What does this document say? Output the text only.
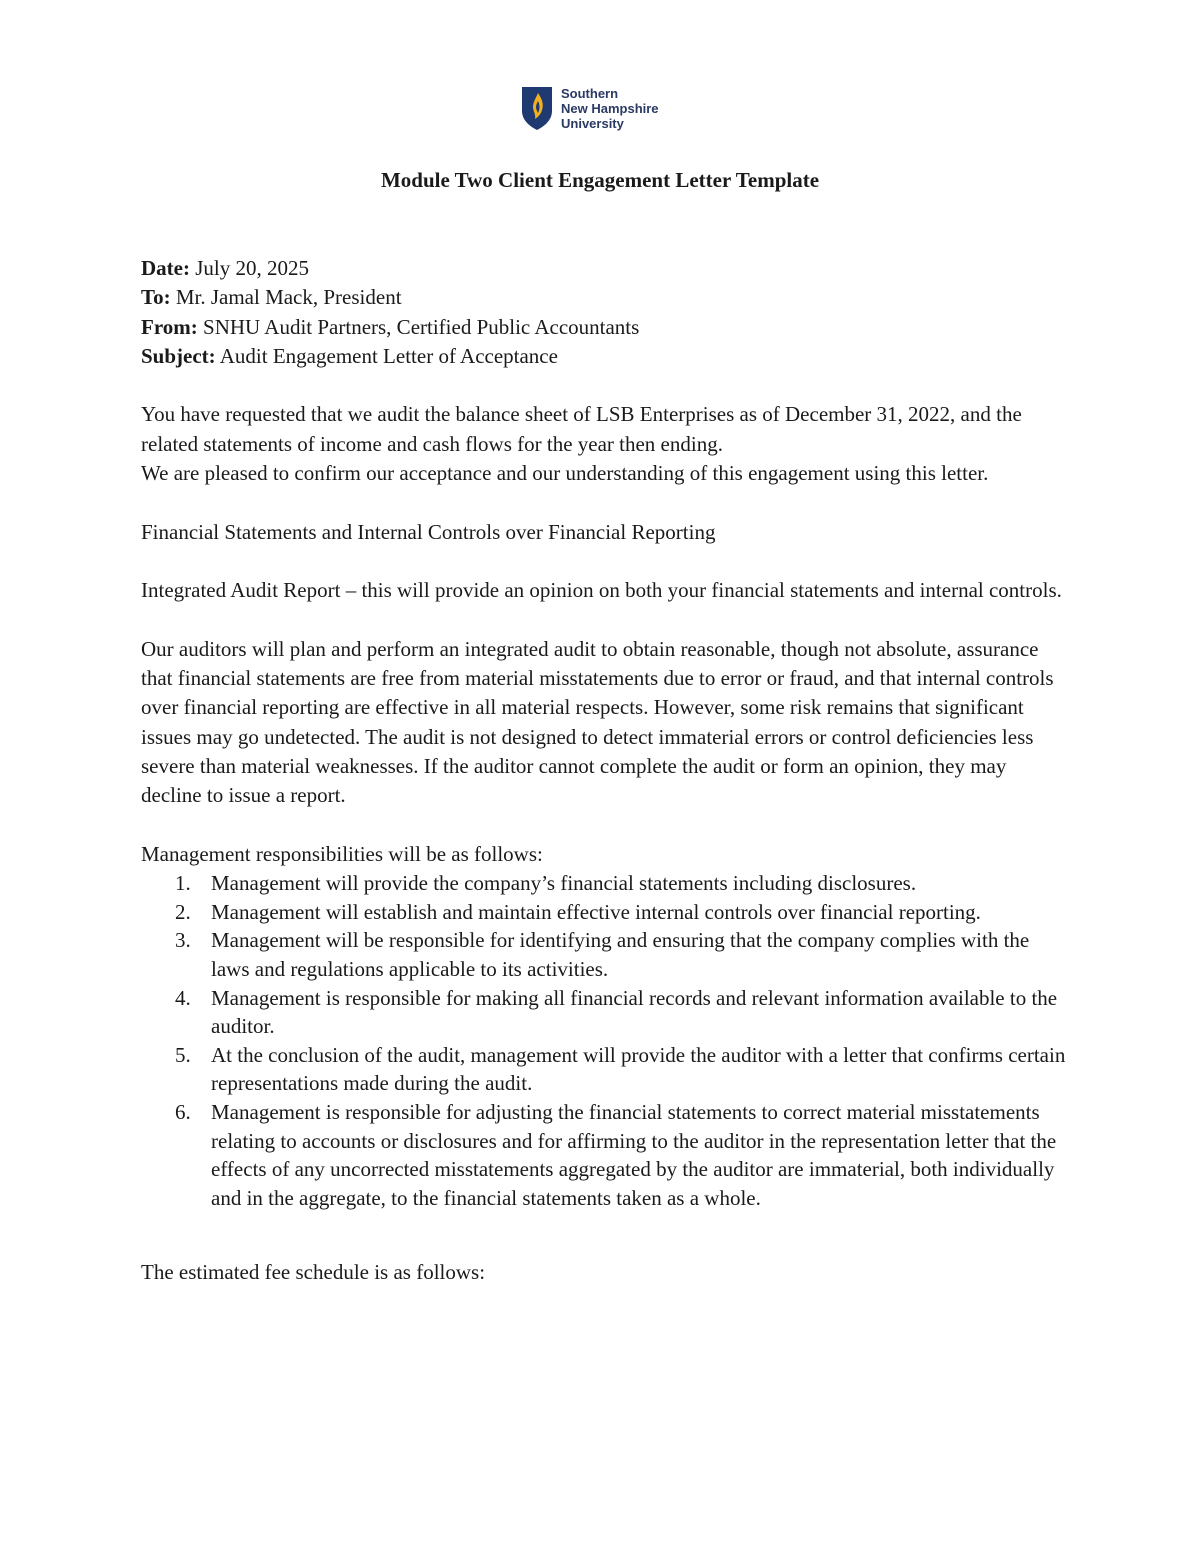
Southern
New Hampshire
University
Module Two Client Engagement Letter Template

Date: July 20, 2025

To: Mr. Jamal Mack, President

From: SNHU Audit Partners, Certified Public Accountants

Subject: Audit Engagement Letter of Acceptance

You have requested that we audit the balance sheet of LSB Enterprises as of December 31, 2022, and the related statements of income and cash flows for the year then ending.

We are pleased to confirm our acceptance and our understanding of this engagement using this letter.

Financial Statements and Internal Controls over Financial Reporting

Integrated Audit Report – this will provide an opinion on both your financial statements and internal controls.

Our auditors will plan and perform an integrated audit to obtain reasonable, though not absolute, assurance that financial statements are free from material misstatements due to error or fraud, and that internal controls over financial reporting are effective in all material respects. However, some risk remains that significant issues may go undetected. The audit is not designed to detect immaterial errors or control deficiencies less severe than material weaknesses. If the auditor cannot complete the audit or form an opinion, they may decline to issue a report.

Management responsibilities will be as follows:

1. Management will provide the company’s financial statements including disclosures.
2. Management will establish and maintain effective internal controls over financial reporting.
3. Management will be responsible for identifying and ensuring that the company complies with the laws and regulations applicable to its activities.
4. Management is responsible for making all financial records and relevant information available to the auditor.
5. At the conclusion of the audit, management will provide the auditor with a letter that confirms certain representations made during the audit.
6. Management is responsible for adjusting the financial statements to correct material misstatements relating to accounts or disclosures and for affirming to the auditor in the representation letter that the effects of any uncorrected misstatements aggregated by the auditor are immaterial, both individually and in the aggregate, to the financial statements taken as a whole.

The estimated fee schedule is as follows:
